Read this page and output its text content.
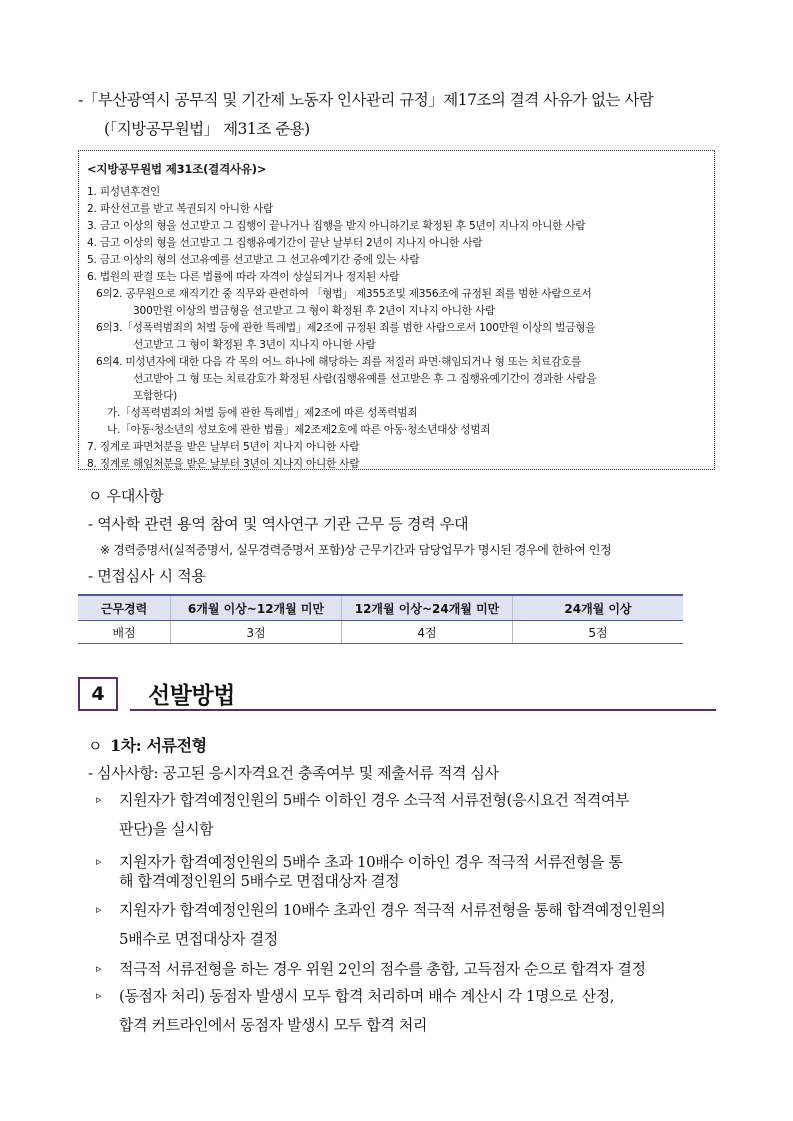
-「부산광역시 공무직 및 기간제 노동자 인사관리 규정」제17조의 결격 사유가 없는 사람
(「지방공무원법」 제31조 준용)
<지방공무원법 제31조(결격사유)>
1. 피성년후견인
2. 파산선고를 받고 복권되지 아니한 사람
3. 금고 이상의 형을 선고받고 그 집행이 끝나거나 집행을 받지 아니하기로 확정된 후 5년이 지나지 아니한 사람
4. 금고 이상의 형을 선고받고 그 집행유예기간이 끝난 날부터 2년이 지나지 아니한 사람
5. 금고 이상의 형의 선고유예를 선고받고 그 선고유예기간 중에 있는 사람
6. 법원의 판결 또는 다른 법률에 따라 자격이 상실되거나 정지된 사람
6의2. 공무원으로 재직기간 중 직무와 관련하여 「형법」 제355조및 제356조에 규정된 죄를 범한 사람으로서
300만원 이상의 벌금형을 선고받고 그 형이 확정된 후 2년이 지나지 아니한 사람
6의3.「성폭력범죄의 처벌 등에 관한 특례법」제2조에 규정된 죄를 범한 사람으로서 100만원 이상의 벌금형을
선고받고 그 형이 확정된 후 3년이 지나지 아니한 사람
6의4. 미성년자에 대한 다음 각 목의 어느 하나에 해당하는 죄를 저질러 파면·해임되거나 형 또는 치료감호를
선고받아 그 형 또는 치료감호가 확정된 사람(집행유예를 선고받은 후 그 집행유예기간이 경과한 사람을
포함한다)
가.「성폭력범죄의 처벌 등에 관한 특례법」제2조에 따른 성폭력범죄
나.「아동·청소년의 성보호에 관한 법률」제2조제2호에 따른 아동·청소년대상 성범죄
7. 징계로 파면처분을 받은 날부터 5년이 지나지 아니한 사람
8. 징계로 해임처분을 받은 날부터 3년이 지나지 아니한 사람
ㅇ 우대사항
- 역사학 관련 용역 참여 및 역사연구 기관 근무 등 경력 우대
※ 경력증명서(실적증명서, 실무경력증명서 포함)상 근무기간과 담당업무가 명시된 경우에 한하여 인정
- 면접심사 시 적용
근무경력	6개월 이상~12개월 미만	12개월 이상~24개월 미만	24개월 이상
배점	3점	4점	5점
4	선발방법
ㅇ 1차: 서류전형
- 심사사항: 공고된 응시자격요건 충족여부 및 제출서류 적격 심사
▹ 지원자가 합격예정인원의 5배수 이하인 경우 소극적 서류전형(응시요건 적격여부
판단)을 실시함
▹ 지원자가 합격예정인원의 5배수 초과 10배수 이하인 경우 적극적 서류전형을 통
해 합격예정인원의 5배수로 면접대상자 결정
▹ 지원자가 합격예정인원의 10배수 초과인 경우 적극적 서류전형을 통해 합격예정인원의
5배수로 면접대상자 결정
▹ 적극적 서류전형을 하는 경우 위원 2인의 점수를 총합, 고득점자 순으로 합격자 결정
▹ (동점자 처리) 동점자 발생시 모두 합격 처리하며 배수 계산시 각 1명으로 산정,
합격 커트라인에서 동점자 발생시 모두 합격 처리
